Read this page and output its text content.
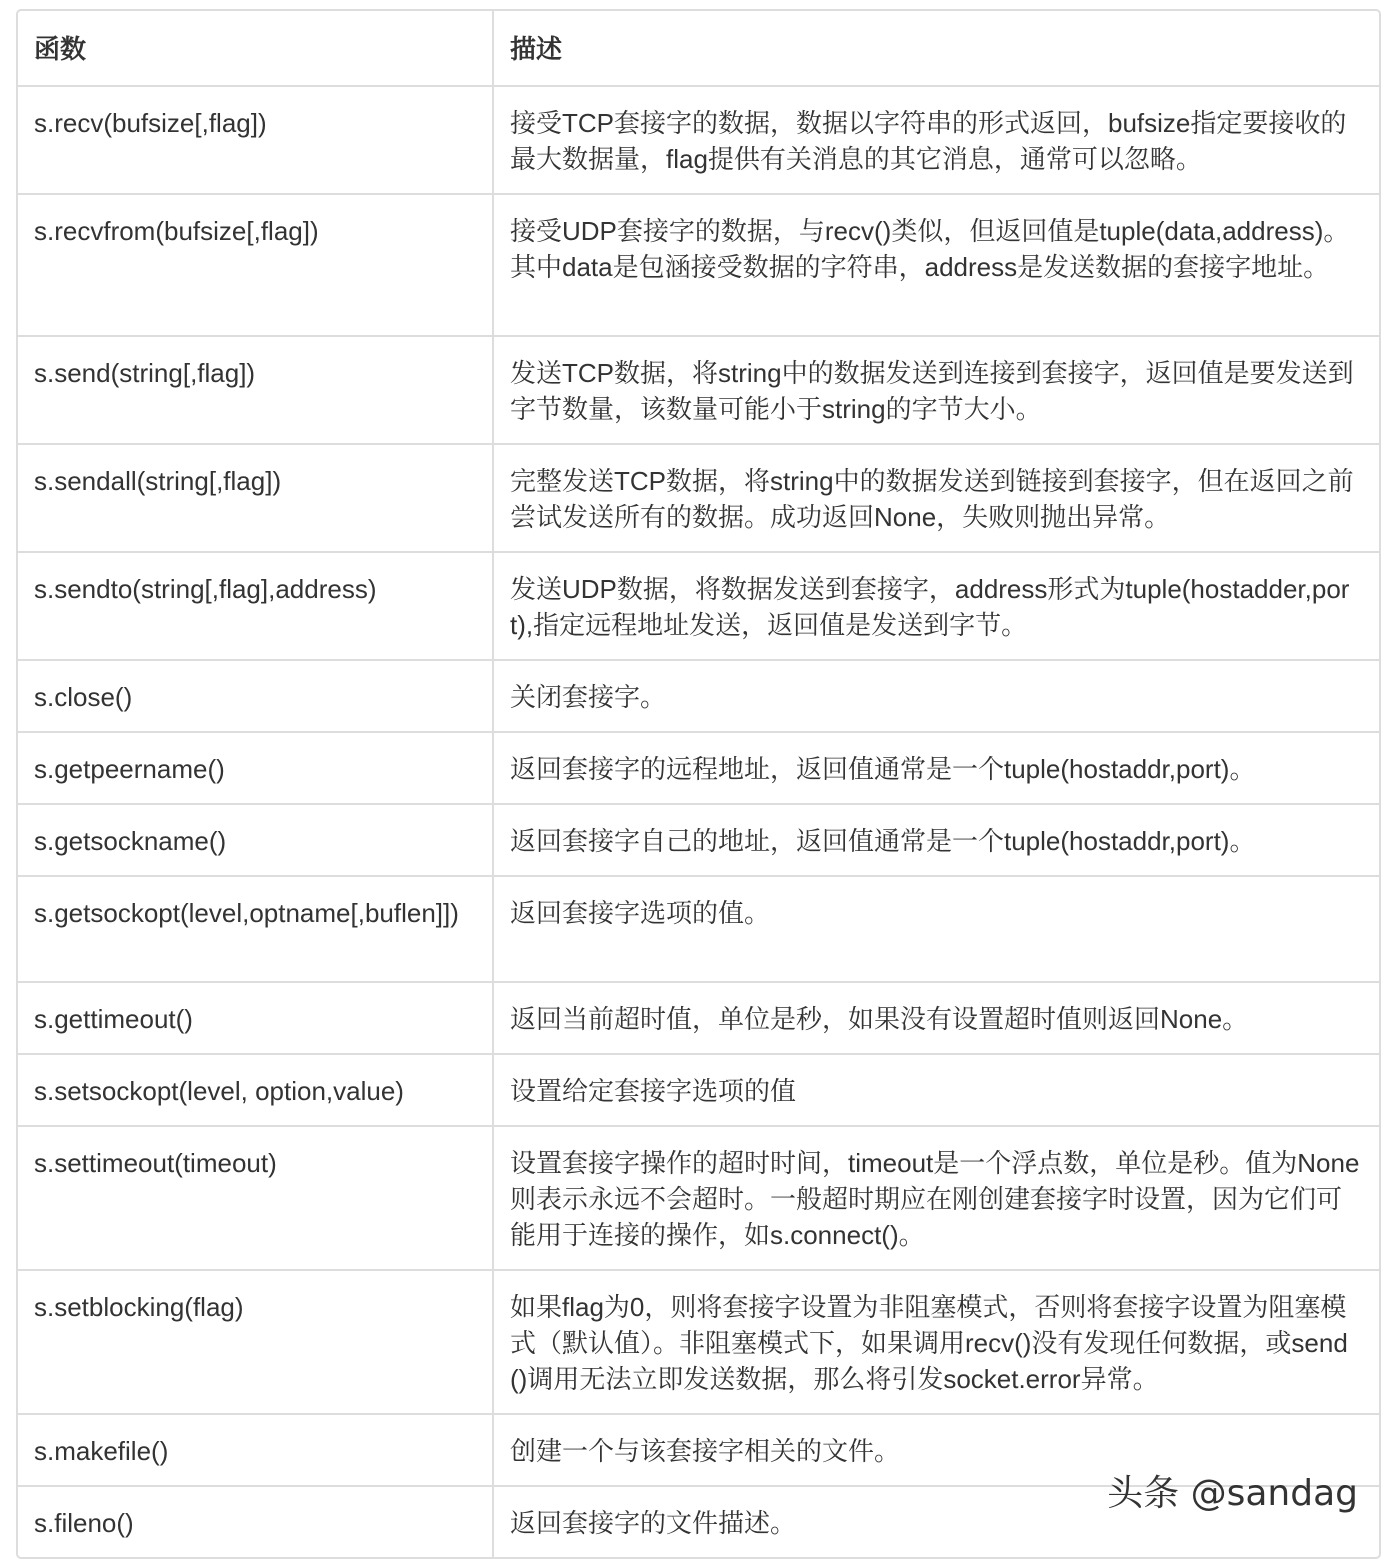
函数	描述
s.recv(bufsize[,flag])	接受TCP套接字的数据，数据以字符串的形式返回，bufsize指定要接收的最大数据量，flag提供有关消息的其它消息，通常可以忽略。
s.recvfrom(bufsize[,flag])	接受UDP套接字的数据，与recv()类似，但返回值是tuple(data,address)。其中data是包涵接受数据的字符串，address是发送数据的套接字地址。
s.send(string[,flag])	发送TCP数据，将string中的数据发送到连接到套接字，返回值是要发送到字节数量，该数量可能小于string的字节大小。
s.sendall(string[,flag])	完整发送TCP数据，将string中的数据发送到链接到套接字，但在返回之前尝试发送所有的数据。成功返回None，失败则抛出异常。
s.sendto(string[,flag],address)	发送UDP数据，将数据发送到套接字，address形式为tuple(hostadder,port),指定远程地址发送，返回值是发送到字节。
s.close()	关闭套接字。
s.getpeername()	返回套接字的远程地址，返回值通常是一个tuple(hostaddr,port)。
s.getsockname()	返回套接字自己的地址，返回值通常是一个tuple(hostaddr,port)。
s.getsockopt(level,optname[,buflen]])	返回套接字选项的值。
s.gettimeout()	返回当前超时值，单位是秒，如果没有设置超时值则返回None。
s.setsockopt(level, option,value)	设置给定套接字选项的值
s.settimeout(timeout)	设置套接字操作的超时时间，timeout是一个浮点数，单位是秒。值为None则表示永远不会超时。一般超时期应在刚创建套接字时设置，因为它们可能用于连接的操作，如s.connect()。
s.setblocking(flag)	如果flag为0，则将套接字设置为非阻塞模式，否则将套接字设置为阻塞模式（默认值）。非阻塞模式下，如果调用recv()没有发现任何数据，或send()调用无法立即发送数据，那么将引发socket.error异常。
s.makefile()	创建一个与该套接字相关的文件。
s.fileno()	返回套接字的文件描述。
头条 @sandag
